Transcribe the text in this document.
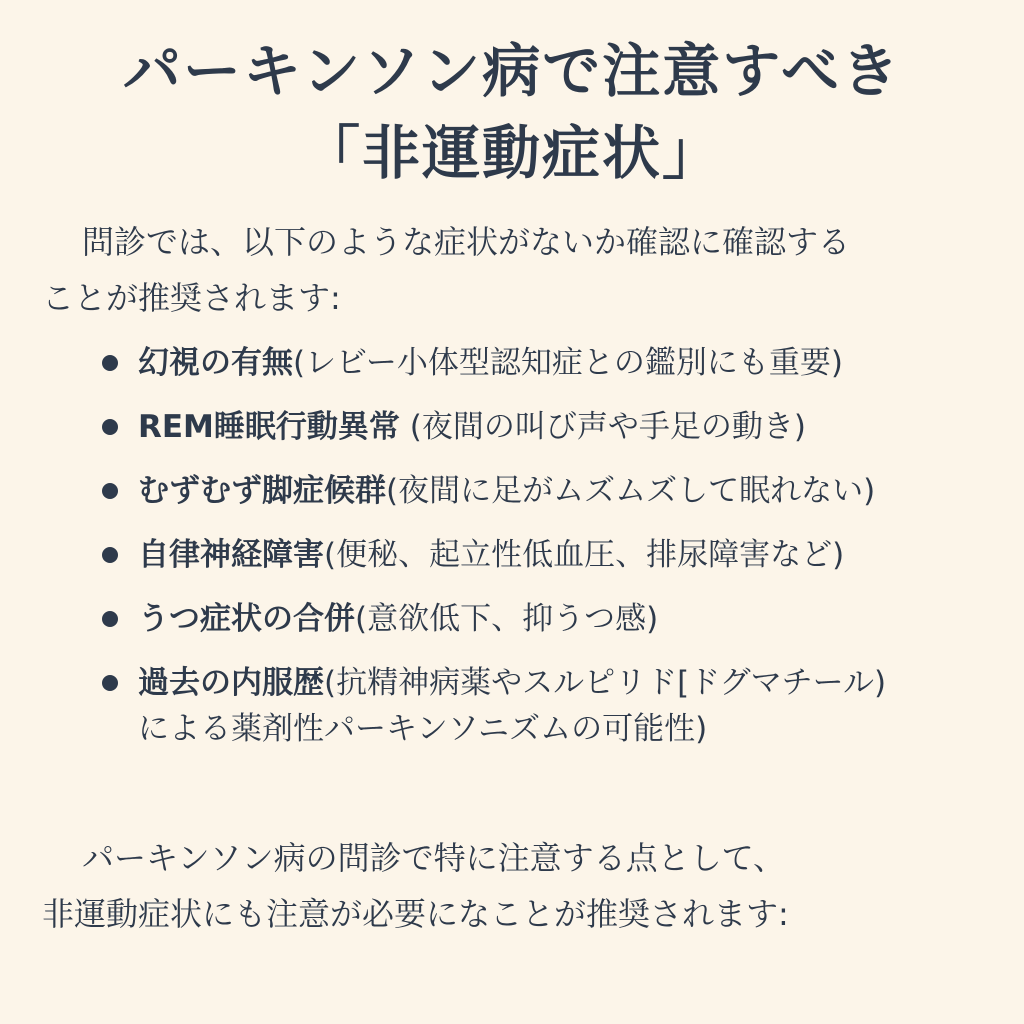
パーキンソン病で注意すべき
「非運動症状」
問診では、以下のような症状がないか確認に確認する
ことが推奨されます:
幻視の有無(レビー小体型認知症との鑑別にも重要)
REM睡眠行動異常 (夜間の叫び声や手足の動き)
むずむず脚症候群(夜間に足がムズムズして眠れない)
自律神経障害(便秘、起立性低血圧、排尿障害など)
うつ症状の合併(意欲低下、抑うつ感)
過去の内服歴(抗精神病薬やスルピリド[ドグマチール)
による薬剤性パーキンソニズムの可能性)
パーキンソン病の問診で特に注意する点として、
非運動症状にも注意が必要になことが推奨されます:
